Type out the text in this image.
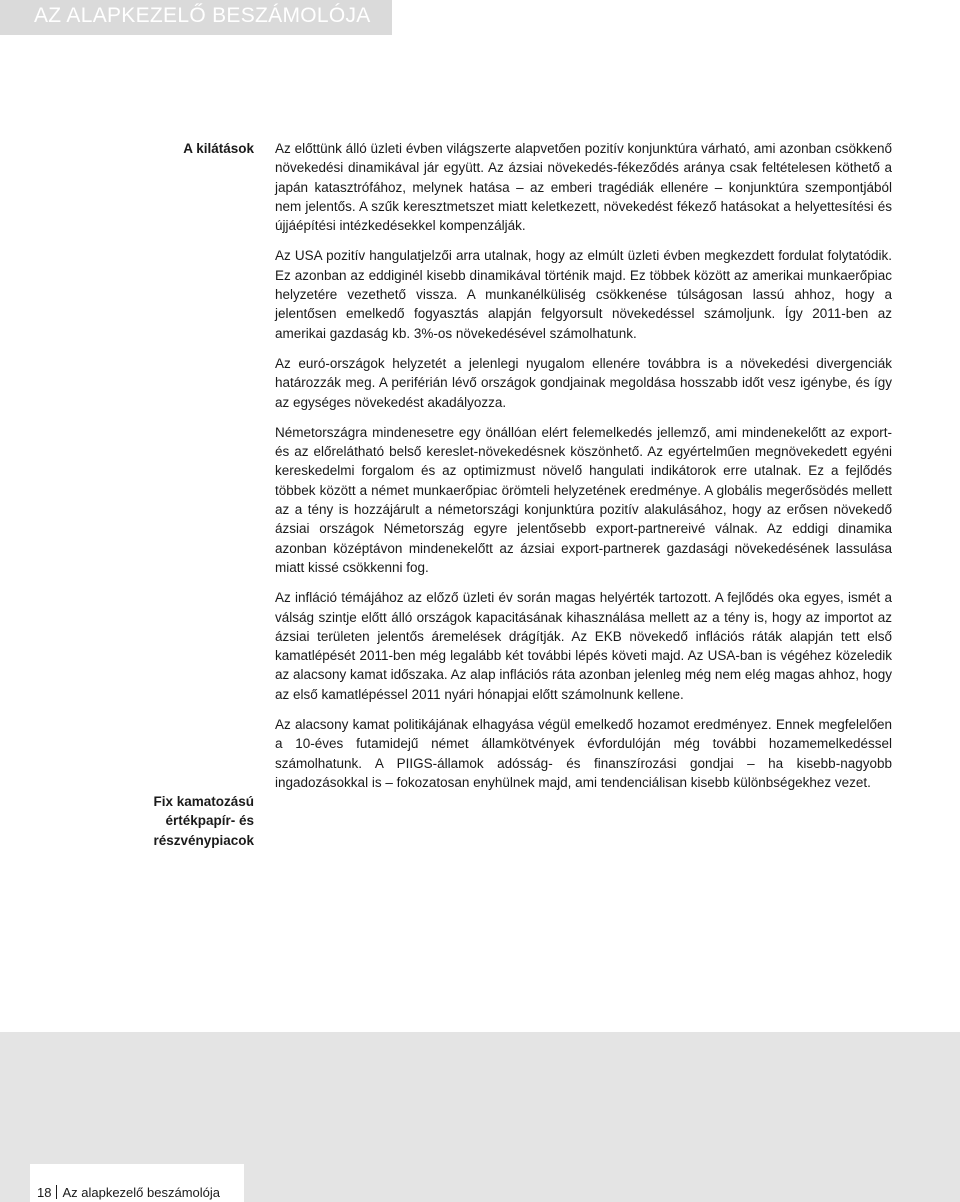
AZ ALAPKEZELŐ BESZÁMOLÓJA
A kilátások
Fix kamatozású értékpapír- és részvénypiacok

Az előttünk álló üzleti évben világszerte alapvetően pozitív konjunktúra várható, ami azonban csökkenő növekedési dinamikával jár együtt. Az ázsiai növekedés-fékeződés aránya csak feltételesen köthető a japán katasztrófához, melynek hatása – az emberi tragédiák ellenére – konjunktúra szempontjából nem jelentős. A szűk keresztmetszet miatt keletkezett, növekedést fékező hatásokat a helyettesítési és újjáépítési intézkedésekkel kompenzálják.

Az USA pozitív hangulatjelzői arra utalnak, hogy az elmúlt üzleti évben megkezdett fordulat folytatódik. Ez azonban az eddiginél kisebb dinamikával történik majd. Ez többek között az amerikai munkaerőpiac helyzetére vezethető vissza. A munkanélküliség csökkenése túlságosan lassú ahhoz, hogy a jelentősen emelkedő fogyasztás alapján felgyorsult növekedéssel számoljunk. Így 2011-ben az amerikai gazdaság kb. 3%-os növekedésével számolhatunk.

Az euró-országok helyzetét a jelenlegi nyugalom ellenére továbbra is a növekedési divergenciák határozzák meg. A periférián lévő országok gondjainak megoldása hosszabb időt vesz igénybe, és így az egységes növekedést akadályozza.

Németországra mindenesetre egy önállóan elért felemelkedés jellemző, ami mindenekelőtt az export- és az előrelátható belső kereslet-növekedésnek köszönhető. Az egyértelműen megnövekedett egyéni kereskedelmi forgalom és az optimizmust növelő hangulati indikátorok erre utalnak. Ez a fejlődés többek között a német munkaerőpiac örömteli helyzetének eredménye. A globális megerősödés mellett az a tény is hozzájárult a németországi konjunktúra pozitív alakulásához, hogy az erősen növekedő ázsiai országok Németország egyre jelentősebb export-partnereivé válnak. Az eddigi dinamika azonban középtávon mindenekelőtt az ázsiai export-partnerek gazdasági növekedésének lassulása miatt kissé csökkenni fog.

Az infláció témájához az előző üzleti év során magas helyérték tartozott. A fejlődés oka egyes, ismét a válság szintje előtt álló országok kapacitásának kihasználása mellett az a tény is, hogy az importot az ázsiai területen jelentős áremelések drágítják. Az EKB növekedő inflációs ráták alapján tett első kamatlépését 2011-ben még legalább két további lépés követi majd. Az USA-ban is végéhez közeledik az alacsony kamat időszaka. Az alap inflációs ráta azonban jelenleg még nem elég magas ahhoz, hogy az első kamatlépéssel 2011 nyári hónapjai előtt számolnunk kellene.

Az alacsony kamat politikájának elhagyása végül emelkedő hozamot eredményez. Ennek megfelelően a 10-éves futamidejű német államkötvények évfordulóján még további hozamemelkedéssel számolhatunk. A PIIGS-államok adósság- és finanszírozási gondjai – ha kisebb-nagyobb ingadozásokkal is – fokozatosan enyhülnek majd, ami tendenciálisan kisebb különbségekhez vezet.

18 Az alapkezelő beszámolója
